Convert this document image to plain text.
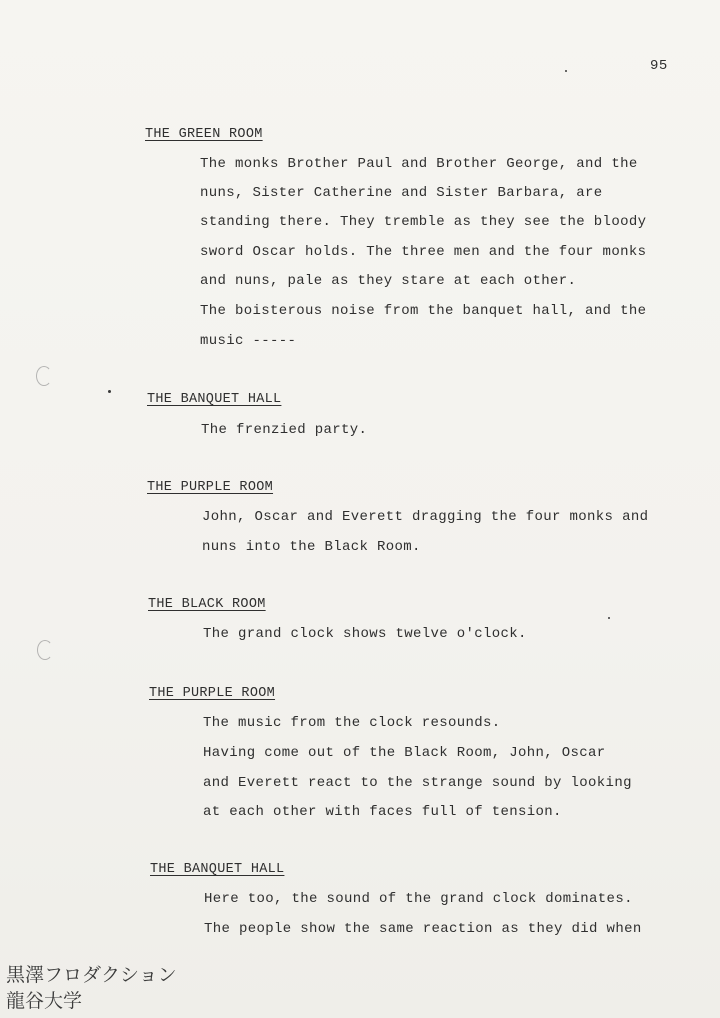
95
THE GREEN ROOM
The monks Brother Paul and Brother George, and the
nuns, Sister Catherine and Sister Barbara, are
standing there. They tremble as they see the bloody
sword Oscar holds. The three men and the four monks
and nuns, pale as they stare at each other.
The boisterous noise from the banquet hall, and the
music -----
THE BANQUET HALL
The frenzied party.
THE PURPLE ROOM
John, Oscar and Everett dragging the four monks and
nuns into the Black Room.
THE BLACK ROOM
The grand clock shows twelve o'clock.
THE PURPLE ROOM
The music from the clock resounds.
Having come out of the Black Room, John, Oscar
and Everett react to the strange sound by looking
at each other with faces full of tension.
THE BANQUET HALL
Here too, the sound of the grand clock dominates.
The people show the same reaction as they did when
黒澤フロダクション
龍谷大学
